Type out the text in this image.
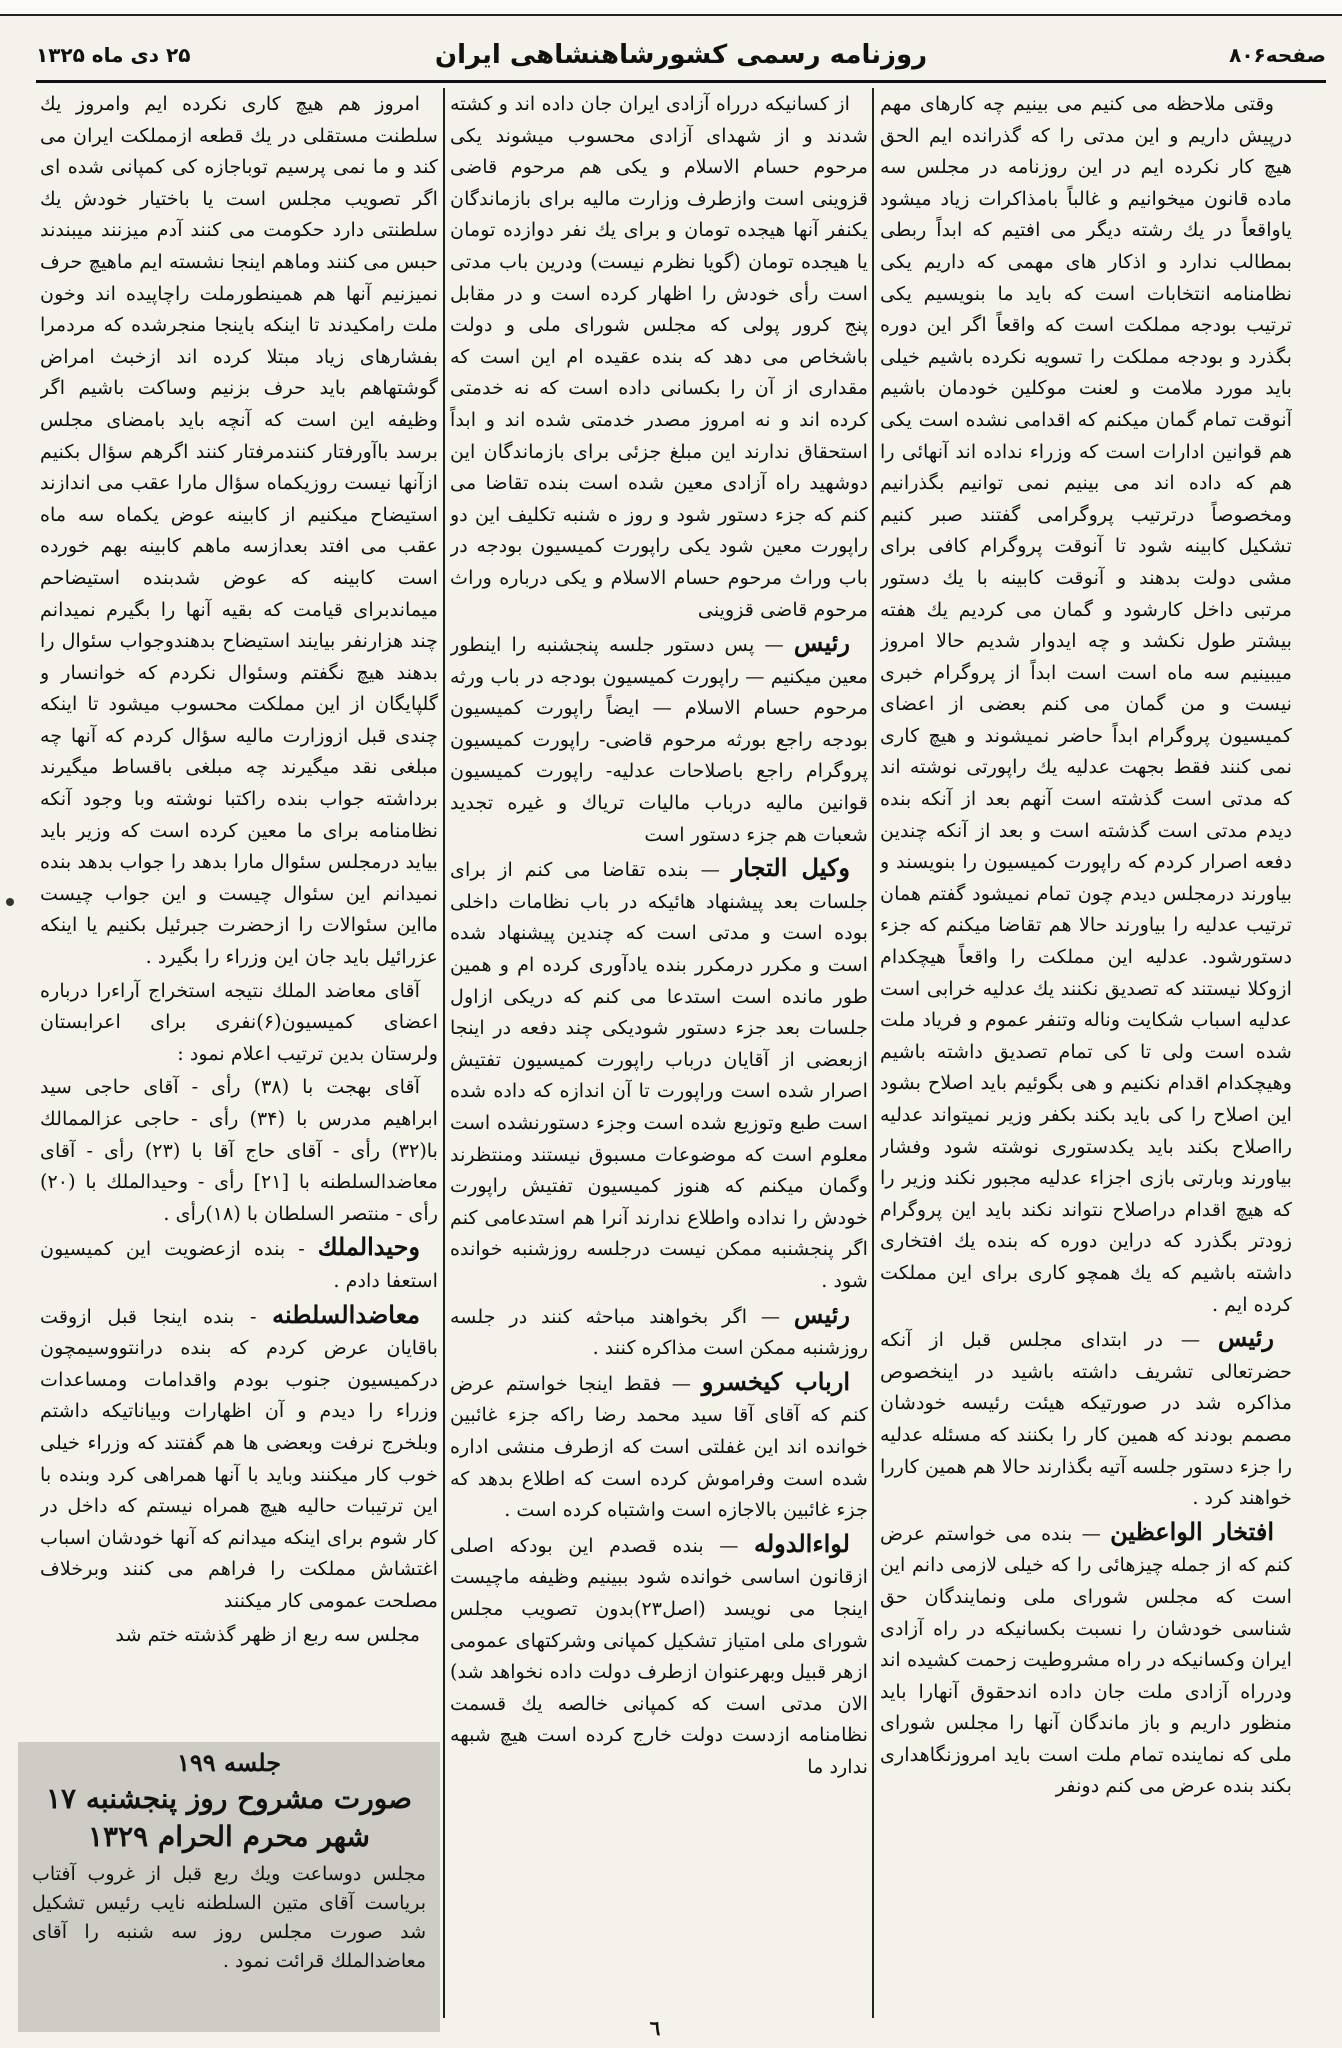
صفحه۸۰۶
روزنامه رسمی کشورشاهنشاهی ایران
۲۵ دی ماه ۱۳۲۵

وقتی ملاحظه می کنیم می بینیم چه کارهای مهم درپیش داریم و این مدتی را که گذرانده ایم الحق هیچ کار نکرده ایم در این روزنامه در مجلس سه ماده قانون میخوانیم و غالباً بامذاکرات زیاد میشود یاواقعاً در یك رشته دیگر می افتیم که ابداً ربطی بمطالب ندارد و اذکار های مهمی که داریم یکی نظامنامه انتخابات است که باید ما بنویسیم یکی ترتیب بودجه مملکت است که واقعاً اگر این دوره بگذرد و بودجه مملکت را تسویه نکرده باشیم خیلی باید مورد ملامت و لعنت موکلین خودمان باشیم آنوقت تمام گمان میکنم که اقدامی نشده است یکی هم قوانین ادارات است که وزراء نداده اند آنهائی را هم که داده اند می بینیم نمی توانیم بگذرانیم ومخصوصاً درترتیب پروگرامی گفتند صبر کنیم تشکیل کابینه شود تا آنوقت پروگرام کافی برای مشی دولت بدهند و آنوقت کابینه با یك دستور مرتبی داخل کارشود و گمان می کردیم یك هفته بیشتر طول نکشد و چه ایدوار شدیم حالا امروز میبینیم سه ماه است است ابداً از پروگرام خبری نیست و من گمان می کنم بعضی از اعضای کمیسیون پروگرام ابداً حاضر نمیشوند و هیچ کاری نمی کنند فقط بجهت عدلیه یك راپورتی نوشته اند که مدتی است گذشته است آنهم بعد از آنکه بنده دیدم مدتی است گذشته است و بعد از آنکه چندین دفعه اصرار کردم که راپورت کمیسیون را بنویسند و بیاورند درمجلس دیدم چون تمام نمیشود گفتم همان ترتیب عدلیه را بیاورند حالا هم تقاضا میکنم که جزء دستورشود. عدلیه این مملکت را واقعاً هیچکدام ازوکلا نیستند که تصدیق نکنند یك عدلیه خرابی است عدلیه اسباب شکایت وناله وتنفر عموم و فریاد ملت شده است ولی تا کی تمام تصدیق داشته باشیم وهیچکدام اقدام نکنیم و هی بگوئیم باید اصلاح بشود این اصلاح را کی باید بکند بکفر وزیر نمیتواند عدلیه رااصلاح بکند باید یکدستوری نوشته شود وفشار بیاورند وبارتی بازی اجزاء عدلیه مجبور نکند وزیر را که هیچ اقدام دراصلاح نتواند نکند باید این پروگرام زودتر بگذرد که دراین دوره که بنده یك افتخاری داشته باشیم که یك همچو کاری برای این مملکت کرده ایم .

رئیس — در ابتدای مجلس قبل از آنکه حضرتعالی تشریف داشته باشید در اینخصوص مذاکره شد در صورتیکه هیئت رئیسه خودشان مصمم بودند که همین کار را بکنند که مسئله عدلیه را جزء دستور جلسه آتیه بگذارند حالا هم همین کاررا خواهند کرد .

افتخار الواعظین — بنده می خواستم عرض کنم که از جمله چیزهائی را که خیلی لازمی دانم این است که مجلس شورای ملی ونمایندگان حق شناسی خودشان را نسبت بکسانیکه در راه آزادی ایران وکسانیکه در راه مشروطیت زحمت کشیده اند ودرراه آزادی ملت جان داده اندحقوق آنهارا باید منظور داریم و باز ماندگان آنها را مجلس شورای ملی که نماینده تمام ملت است باید امروزنگاهداری بکند بنده عرض می کنم دونفر

از کسانیکه درراه آزادی ایران جان داده اند و کشته شدند و از شهدای آزادی محسوب میشوند یکی مرحوم حسام الاسلام و یکی هم مرحوم قاضی قزوینی است وازطرف وزارت مالیه برای بازماندگان یکنفر آنها هیجده تومان و برای یك نفر دوازده تومان یا هیجده تومان (گویا نظرم نیست) ودرین باب مدتی است رأی خودش را اظهار کرده است و در مقابل پنج کرور پولی که مجلس شورای ملی و دولت باشخاص می دهد که بنده عقیده ام این است که مقداری از آن را بکسانی داده است که نه خدمتی کرده اند و نه امروز مصدر خدمتی شده اند و ابداً استحقاق ندارند این مبلغ جزئی برای بازماندگان این دوشهید راه آزادی معین شده است بنده تقاضا می کنم که جزء دستور شود و روز ه شنبه تکلیف این دو راپورت معین شود یکی راپورت کمیسیون بودجه در باب وراث مرحوم حسام الاسلام و یکی درباره وراث مرحوم قاضی قزوینی

رئیس — پس دستور جلسه پنجشنبه را اینطور معین میکنیم — راپورت کمیسیون بودجه در باب ورثه مرحوم حسام الاسلام — ایضاً راپورت کمیسیون بودجه راجع بورثه مرحوم قاضی- راپورت کمیسیون پروگرام راجع باصلاحات عدلیه- راپورت کمیسیون قوانین مالیه درباب مالیات تریاك و غیره تجدید شعبات هم جزء دستور است

وکیل التجار — بنده تقاضا می کنم از برای جلسات بعد پیشنهاد هائیکه در باب نظامات داخلی بوده است و مدتی است که چندین پیشنهاد شده است و مکرر درمکرر بنده یادآوری کرده ام و همین طور مانده است استدعا می کنم که دریکی ازاول جلسات بعد جزء دستور شودیکی چند دفعه در اینجا ازبعضی از آقایان درباب راپورت کمیسیون تفتیش اصرار شده است وراپورت تا آن اندازه که داده شده است طبع وتوزیع شده است وجزء دستورنشده است معلوم است که موضوعات مسبوق نیستند ومنتظرند وگمان میکنم که هنوز کمیسیون تفتیش راپورت خودش را نداده واطلاع ندارند آنرا هم استدعامی کنم اگر پنجشنبه ممکن نیست درجلسه روزشنبه خوانده شود .

رئیس — اگر بخواهند مباحثه کنند در جلسه روزشنبه ممکن است مذاکره کنند .

ارباب کیخسرو — فقط اینجا خواستم عرض کنم که آقای آقا سید محمد رضا راکه جزء غائبین خوانده اند این غفلتی است که ازطرف منشی اداره شده است وفراموش کرده است که اطلاع بدهد که جزء غائبین بالاجازه است واشتباه کرده است .

لواءالدوله — بنده قصدم این بودکه اصلی ازقانون اساسی خوانده شود ببینیم وظیفه ماچیست اینجا می نویسد (اصل۲۳)بدون تصویب مجلس شورای ملی امتیاز تشکیل کمپانی وشرکتهای عمومی ازهر قبیل وبهرعنوان ازطرف دولت داده نخواهد شد) الان مدتی است که کمپانی خالصه یك قسمت نظامنامه ازدست دولت خارج کرده است هیچ شبهه ندارد ما

امروز هم هیچ کاری نکرده ایم وامروز یك سلطنت مستقلی در یك قطعه ازمملکت ایران می کند و ما نمی پرسیم توباجازه کی کمپانی شده ای اگر تصویب مجلس است یا باختیار خودش یك سلطنتی دارد حکومت می کنند آدم میزنند میبندند حبس می کنند وماهم اینجا نشسته ایم ماهیچ حرف نمیزنیم آنها هم همینطورملت راچاپیده اند وخون ملت رامکیدند تا اینکه باینجا منجرشده که مردمرا بفشارهای زیاد مبتلا کرده اند ازخبث امراض گوشتهاهم باید حرف بزنیم وساکت باشیم اگر وظیفه این است که آنچه باید بامضای مجلس برسد باآورفتار کنندمرفتار کنند اگرهم سؤال بکنیم ازآنها نیست روزیکماه سؤال مارا عقب می اندازند استیضاح میکنیم از کابینه عوض یکماه سه ماه عقب می افتد بعدازسه ماهم کابینه بهم خورده است کابینه که عوض شدبنده استیضاحم میماندبرای قیامت که بقیه آنها را بگیرم نمیدانم چند هزارنفر بیایند استیضاح بدهندوجواب سئوال را بدهند هیچ نگفتم وسئوال نکردم که خوانسار و گلپایگان از این مملکت محسوب میشود تا اینکه چندی قبل ازوزارت مالیه سؤال کردم که آنها چه مبلغی نقد میگیرند چه مبلغی باقساط میگیرند برداشته جواب بنده راکتبا نوشته وبا وجود آنکه نظامنامه برای ما معین کرده است که وزیر باید بیاید درمجلس سئوال مارا بدهد را جواب بدهد بنده نمیدانم این سئوال چیست و این جواب چیست مااین سئوالات را ازحضرت جبرئیل بکنیم یا اینکه عزرائیل باید جان این وزراء را بگیرد .

آقای معاضد الملك نتیجه استخراج آراءرا درباره اعضای کمیسیون(۶)نفری برای اعرابستان ولرستان بدین ترتیب اعلام نمود :

آقای بهجت با (۳۸) رأی - آقای حاجی سید ابراهیم مدرس با (۳۴) رأی - حاجی عزالممالك با(۳۲) رأی - آقای حاج آقا با (۲۳) رأی - آقای معاضدالسلطنه با [۲۱] رأی - وحیدالملك با (۲۰) رأی - منتصر السلطان با (۱۸)رأی .

وحیدالملك - بنده ازعضویت این کمیسیون استعفا دادم .

معاضدالسلطنه - بنده اینجا قبل ازوقت باقایان عرض کردم که بنده درانتووسیمچون درکمیسیون جنوب بودم واقدامات ومساعدات وزراء را دیدم و آن اظهارات وبیاناتیکه داشتم وبلخرج نرفت وبعضی ها هم گفتند که وزراء خیلی خوب کار میکنند وباید با آنها همراهی کرد وبنده با این ترتیبات حالیه هیچ همراه نیستم که داخل در کار شوم برای اینکه میدانم که آنها خودشان اسباب اغتشاش مملکت را فراهم می کنند وبرخلاف مصلحت عمومی کار میکنند

مجلس سه ربع از ظهر گذشته ختم شد

جلسه ۱۹۹
صورت مشروح روز پنجشنبه ۱۷ شهر محرم الحرام ۱۳۲۹
مجلس دوساعت ویك ربع قبل از غروب آفتاب بریاست آقای متین السلطنه نایب رئیس تشکیل شد صورت مجلس روز سه شنبه را آقای معاضدالملك قرائت نمود .
٦
